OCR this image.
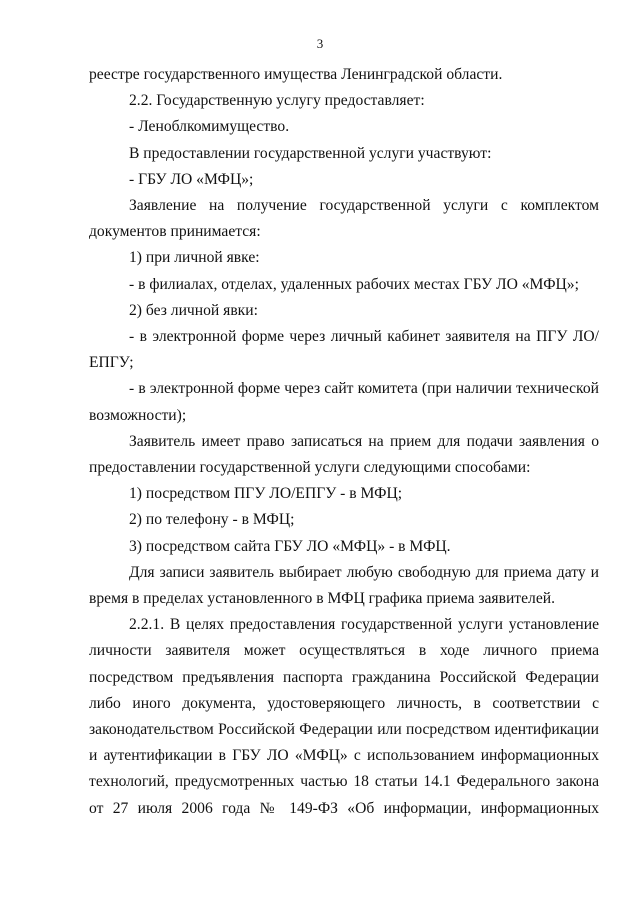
3

реестре государственного имущества Ленинградской области.

2.2. Государственную услугу предоставляет:

- Леноблкомимущество.

В предоставлении государственной услуги участвуют:

- ГБУ ЛО «МФЦ»;

Заявление на получение государственной услуги с комплектом документов принимается:

1) при личной явке:

- в филиалах, отделах, удаленных рабочих местах ГБУ ЛО «МФЦ»;

2) без личной явки:

- в электронной форме через личный кабинет заявителя на ПГУ ЛО/ЕПГУ;

- в электронной форме через сайт комитета (при наличии технической возможности);

Заявитель имеет право записаться на прием для подачи заявления о предоставлении государственной услуги следующими способами:

1) посредством ПГУ ЛО/ЕПГУ - в МФЦ;

2) по телефону - в МФЦ;

3) посредством сайта ГБУ ЛО «МФЦ» - в МФЦ.

Для записи заявитель выбирает любую свободную для приема дату и время в пределах установленного в МФЦ графика приема заявителей.

2.2.1. В целях предоставления государственной услуги установление личности заявителя может осуществляться в ходе личного приема посредством предъявления паспорта гражданина Российской Федерации либо иного документа, удостоверяющего личность, в соответствии с законодательством Российской Федерации или посредством идентификации и аутентификации в ГБУ ЛО «МФЦ» с использованием информационных технологий, предусмотренных частью 18 статьи 14.1 Федерального закона от 27 июля 2006 года № 149-ФЗ «Об информации, информационных
